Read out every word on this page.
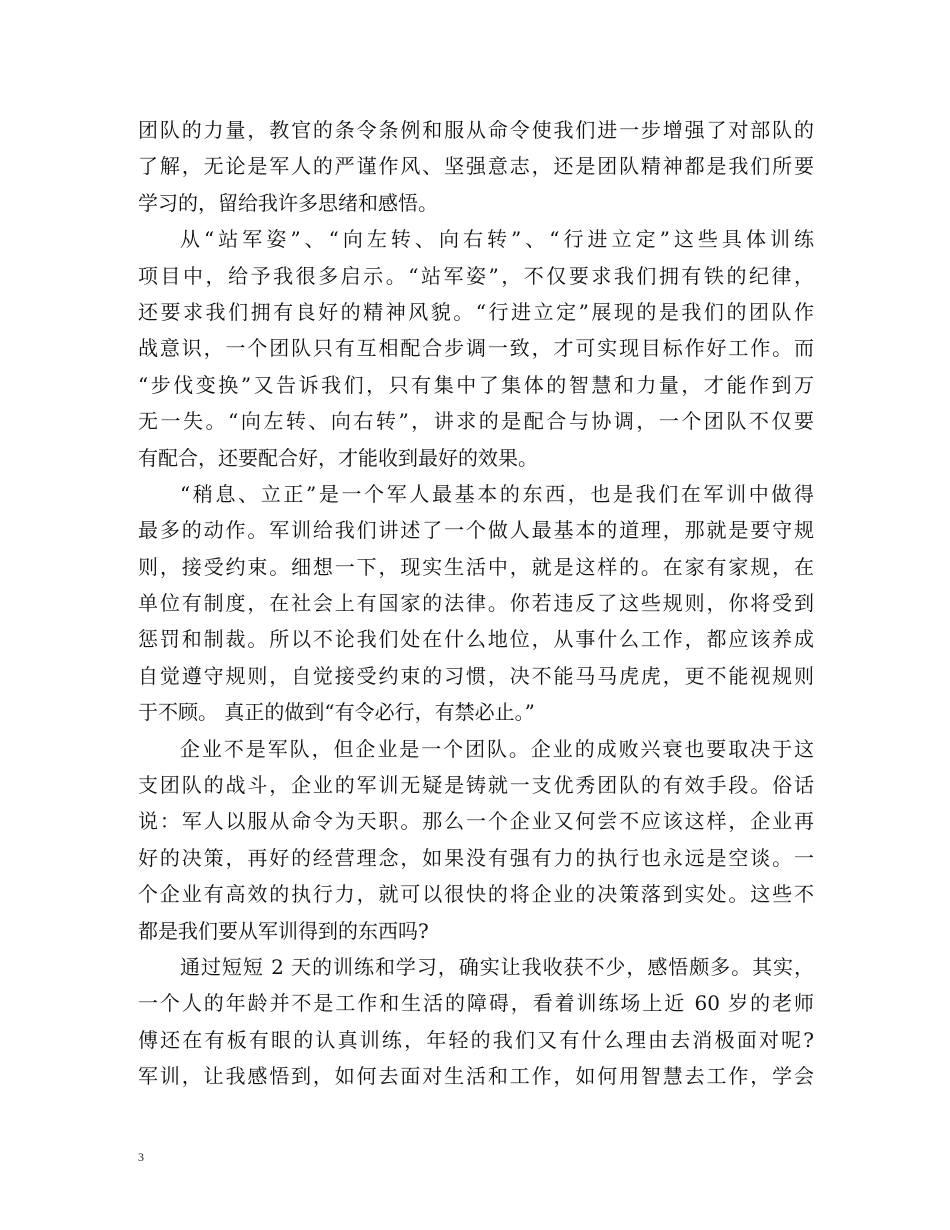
团队的力量，教官的条令条例和服从命令使我们进一步增强了对部队的
了解，无论是军人的严谨作风、坚强意志，还是团队精神都是我们所要
学习的，留给我许多思绪和感悟。
从“站军姿”、“向左转、向右转”、“行进立定”这些具体训练
项目中，给予我很多启示。“站军姿”，不仅要求我们拥有铁的纪律，
还要求我们拥有良好的精神风貌。“行进立定”展现的是我们的团队作
战意识，一个团队只有互相配合步调一致，才可实现目标作好工作。而
“步伐变换”又告诉我们，只有集中了集体的智慧和力量，才能作到万
无一失。“向左转、向右转”，讲求的是配合与协调，一个团队不仅要
有配合，还要配合好，才能收到最好的效果。
“稍息、立正”是一个军人最基本的东西，也是我们在军训中做得
最多的动作。军训给我们讲述了一个做人最基本的道理，那就是要守规
则，接受约束。细想一下，现实生活中，就是这样的。在家有家规，在
单位有制度，在社会上有国家的法律。你若违反了这些规则，你将受到
惩罚和制裁。所以不论我们处在什么地位，从事什么工作，都应该养成
自觉遵守规则，自觉接受约束的习惯，决不能马马虎虎，更不能视规则
于不顾。 真正的做到“有令必行，有禁必止。”
企业不是军队，但企业是一个团队。企业的成败兴衰也要取决于这
支团队的战斗，企业的军训无疑是铸就一支优秀团队的有效手段。俗话
说：军人以服从命令为天职。那么一个企业又何尝不应该这样，企业再
好的决策，再好的经营理念，如果没有强有力的执行也永远是空谈。一
个企业有高效的执行力，就可以很快的将企业的决策落到实处。这些不
都是我们要从军训得到的东西吗?
通过短短 2 天的训练和学习，确实让我收获不少，感悟颇多。其实，
一个人的年龄并不是工作和生活的障碍，看着训练场上近 60 岁的老师
傅还在有板有眼的认真训练，年轻的我们又有什么理由去消极面对呢?
军训，让我感悟到，如何去面对生活和工作，如何用智慧去工作，学会
3
